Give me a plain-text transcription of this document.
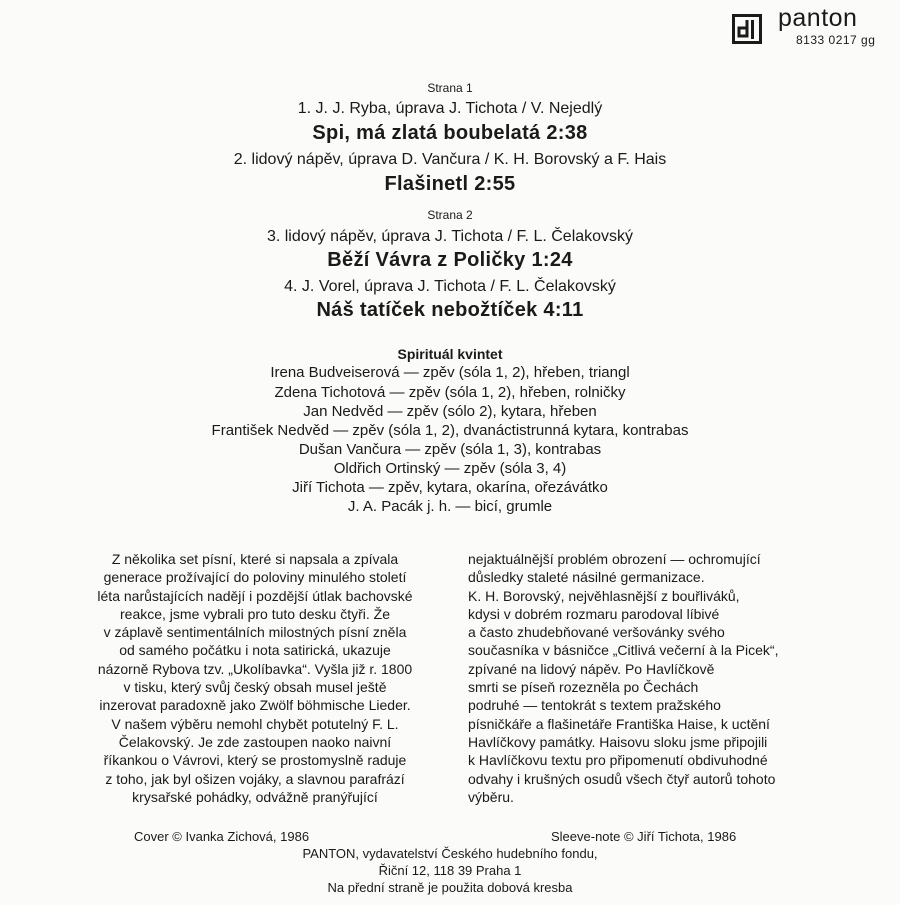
panton
8133 0217 gg
Strana 1
1. J. J. Ryba, úprava J. Tichota / V. Nejedlý
Spi, má zlatá boubelatá 2:38
2. lidový nápěv, úprava D. Vančura / K. H. Borovský a F. Hais
Flašinetl 2:55
Strana 2
3. lidový nápěv, úprava J. Tichota / F. L. Čelakovský
Běží Vávra z Poličky 1:24
4. J. Vorel, úprava J. Tichota / F. L. Čelakovský
Náš tatíček nebožtíček 4:11
Spirituál kvintet
Irena Budveiserová — zpěv (sóla 1, 2), hřeben, triangl
Zdena Tichotová — zpěv (sóla 1, 2), hřeben, rolničky
Jan Nedvěd — zpěv (sólo 2), kytara, hřeben
František Nedvěd — zpěv (sóla 1, 2), dvanáctistrunná kytara, kontrabas
Dušan Vančura — zpěv (sóla 1, 3), kontrabas
Oldřich Ortinský — zpěv (sóla 3, 4)
Jiří Tichota — zpěv, kytara, okarína, ořezávátko
J. A. Pacák j. h. — bicí, grumle
Z několika set písní, které si napsala a zpívala
generace prožívající do poloviny minulého století
léta narůstajících nadějí i pozdější útlak bachovské
reakce, jsme vybrali pro tuto desku čtyři. Že
v záplavě sentimentálních milostných písní zněla
od samého počátku i nota satirická, ukazuje
názorně Rybova tzv. „Ukolíbavka“. Vyšla již r. 1800
v tisku, který svůj český obsah musel ještě
inzerovat paradoxně jako Zwölf böhmische Lieder.
V našem výběru nemohl chybět potutelný F. L.
Čelakovský. Je zde zastoupen naoko naivní
říkankou o Vávrovi, který se prostomyslně raduje
z toho, jak byl ošizen vojáky, a slavnou parafrází
krysařské pohádky, odvážně pranýřující
nejaktuálnější problém obrození — ochromující
důsledky staleté násilné germanizace.
K. H. Borovský, nejvěhlasnější z bouřliváků,
kdysi v dobrém rozmaru parodoval líbivé
a často zhudebňované veršovánky svého
současníka v básničce „Citlivá večerní à la Picek“,
zpívané na lidový nápěv. Po Havlíčkově
smrti se píseň rozezněla po Čechách
podruhé — tentokrát s textem pražského
písničkáře a flašinetáře Františka Haise, k uctění
Havlíčkovy památky. Haisovu sloku jsme připojili
k Havlíčkovu textu pro připomenutí obdivuhodné
odvahy i krušných osudů všech čtyř autorů tohoto
výběru.
Cover © Ivanka Zichová, 1986	Sleeve-note © Jiří Tichota, 1986
PANTON, vydavatelství Českého hudebního fondu,
Řiční 12, 118 39 Praha 1
Na přední straně je použita dobová kresba
